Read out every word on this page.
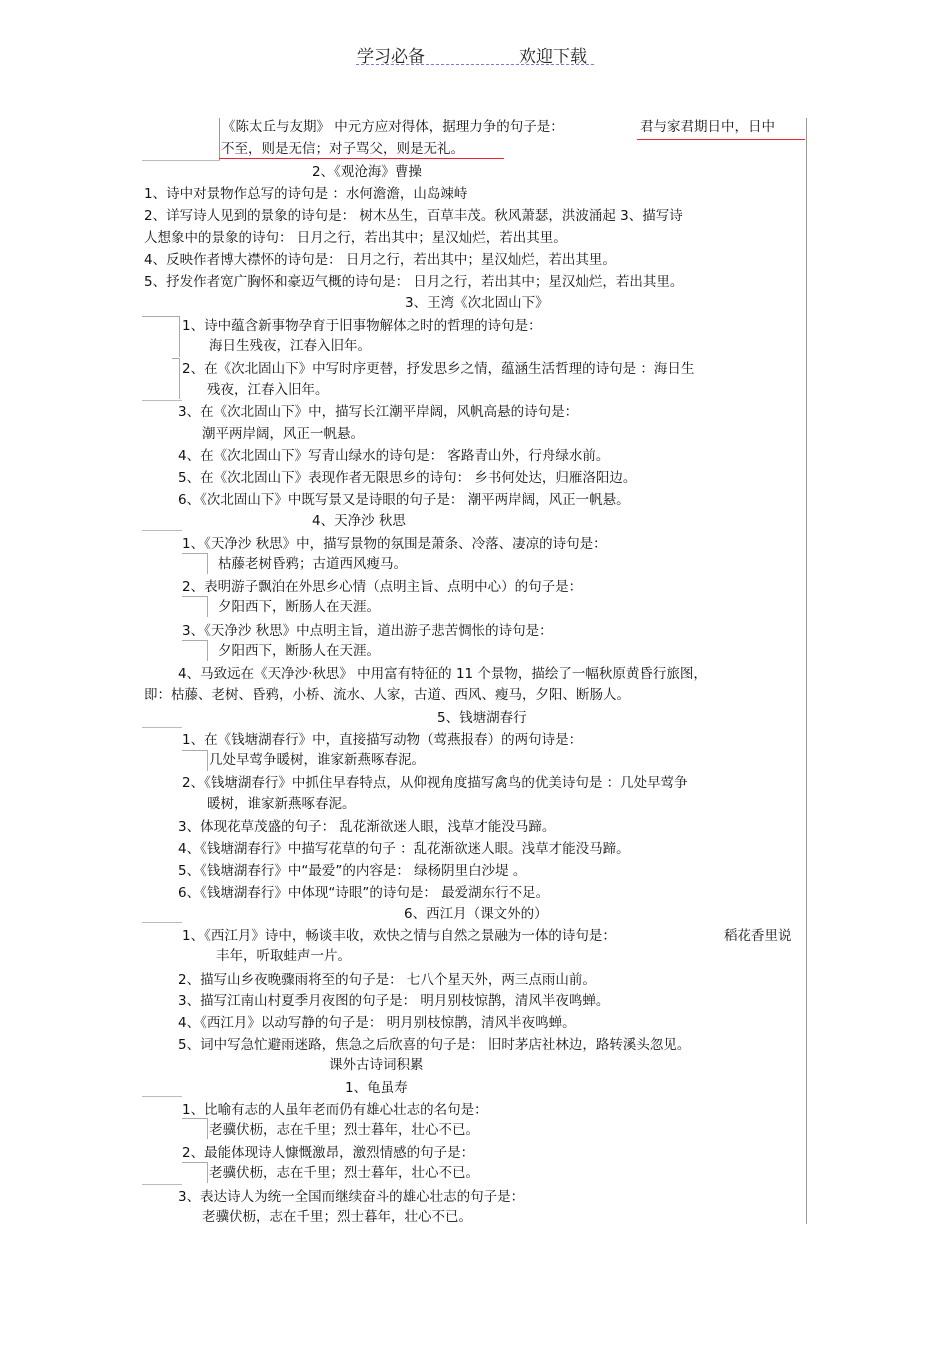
学习必备	欢迎下载
《陈太丘与友期》 中元方应对得体，据理力争的句子是：	君与家君期日中，日中
不至，则是无信；对子骂父，则是无礼。
2、《观沧海》曹操
1、诗中对景物作总写的诗句是 ：水何澹澹，山岛竦峙
2、详写诗人见到的景象的诗句是： 树木丛生，百草丰茂。秋风萧瑟，洪波涌起 3、描写诗
人想象中的景象的诗句： 日月之行，若出其中；星汉灿烂，若出其里。
4、反映作者博大襟怀的诗句是： 日月之行，若出其中；星汉灿烂，若出其里。
5、抒发作者宽广胸怀和豪迈气概的诗句是： 日月之行，若出其中；星汉灿烂，若出其里。
3、王湾《次北固山下》
1、诗中蕴含新事物孕育于旧事物解体之时的哲理的诗句是：
海日生残夜，江春入旧年。
2、在《次北固山下》中写时序更替，抒发思乡之情，蕴涵生活哲理的诗句是 ：海日生
残夜，江春入旧年。
3、在《次北固山下》中，描写长江潮平岸阔，风帆高悬的诗句是：
潮平两岸阔，风正一帆悬。
4、在《次北固山下》写青山绿水的诗句是： 客路青山外，行舟绿水前。
5、在《次北固山下》表现作者无限思乡的诗句： 乡书何处达，归雁洛阳边。
6、《次北固山下》中既写景又是诗眼的句子是： 潮平两岸阔，风正一帆悬。
4、天净沙 秋思
1、《天净沙 秋思》中，描写景物的氛围是萧条、冷落、凄凉的诗句是：
枯藤老树昏鸦；古道西风瘦马。
2、表明游子飘泊在外思乡心情（点明主旨、点明中心）的句子是：
夕阳西下，断肠人在天涯。
3、《天净沙 秋思》中点明主旨，道出游子悲苦惆怅的诗句是：
夕阳西下，断肠人在天涯。
4、马致远在《天净沙·秋思》 中用富有特征的 11 个景物，描绘了一幅秋原黄昏行旅图，
即：枯藤、老树、昏鸦，小桥、流水、人家，古道、西风、瘦马，夕阳、断肠人。
5、钱塘湖春行
1、在《钱塘湖春行》中，直接描写动物（莺燕报春）的两句诗是：
几处早莺争暖树，谁家新燕啄春泥。
2、《钱塘湖春行》中抓住早春特点，从仰视角度描写禽鸟的优美诗句是 ：几处早莺争
暖树，谁家新燕啄春泥。
3、体现花草茂盛的句子： 乱花渐欲迷人眼，浅草才能没马蹄。
4、《钱塘湖春行》中描写花草的句子 ：乱花渐欲迷人眼。浅草才能没马蹄。
5、《钱塘湖春行》中“最爱”的内容是： 绿杨阴里白沙堤 。
6、《钱塘湖春行》中体现“诗眼”的诗句是： 最爱湖东行不足。
6、西江月（课文外的）
1、《西江月》诗中，畅谈丰收，欢快之情与自然之景融为一体的诗句是：	稻花香里说
丰年，听取蛙声一片。
2、描写山乡夜晚骤雨将至的句子是： 七八个星天外，两三点雨山前。
3、描写江南山村夏季月夜图的句子是： 明月别枝惊鹊，清风半夜鸣蝉。
4、《西江月》以动写静的句子是： 明月别枝惊鹊，清风半夜鸣蝉。
5、词中写急忙避雨迷路，焦急之后欣喜的句子是： 旧时茅店社林边，路转溪头忽见。
课外古诗词积累
1、龟虽寿
1、比喻有志的人虽年老而仍有雄心壮志的名句是：
老骥伏枥，志在千里；烈士暮年，壮心不已。
2、最能体现诗人慷慨激昂，激烈情感的句子是：
老骥伏枥，志在千里；烈士暮年，壮心不已。
3、表达诗人为统一全国而继续奋斗的雄心壮志的句子是：
老骥伏枥，志在千里；烈士暮年，壮心不已。
